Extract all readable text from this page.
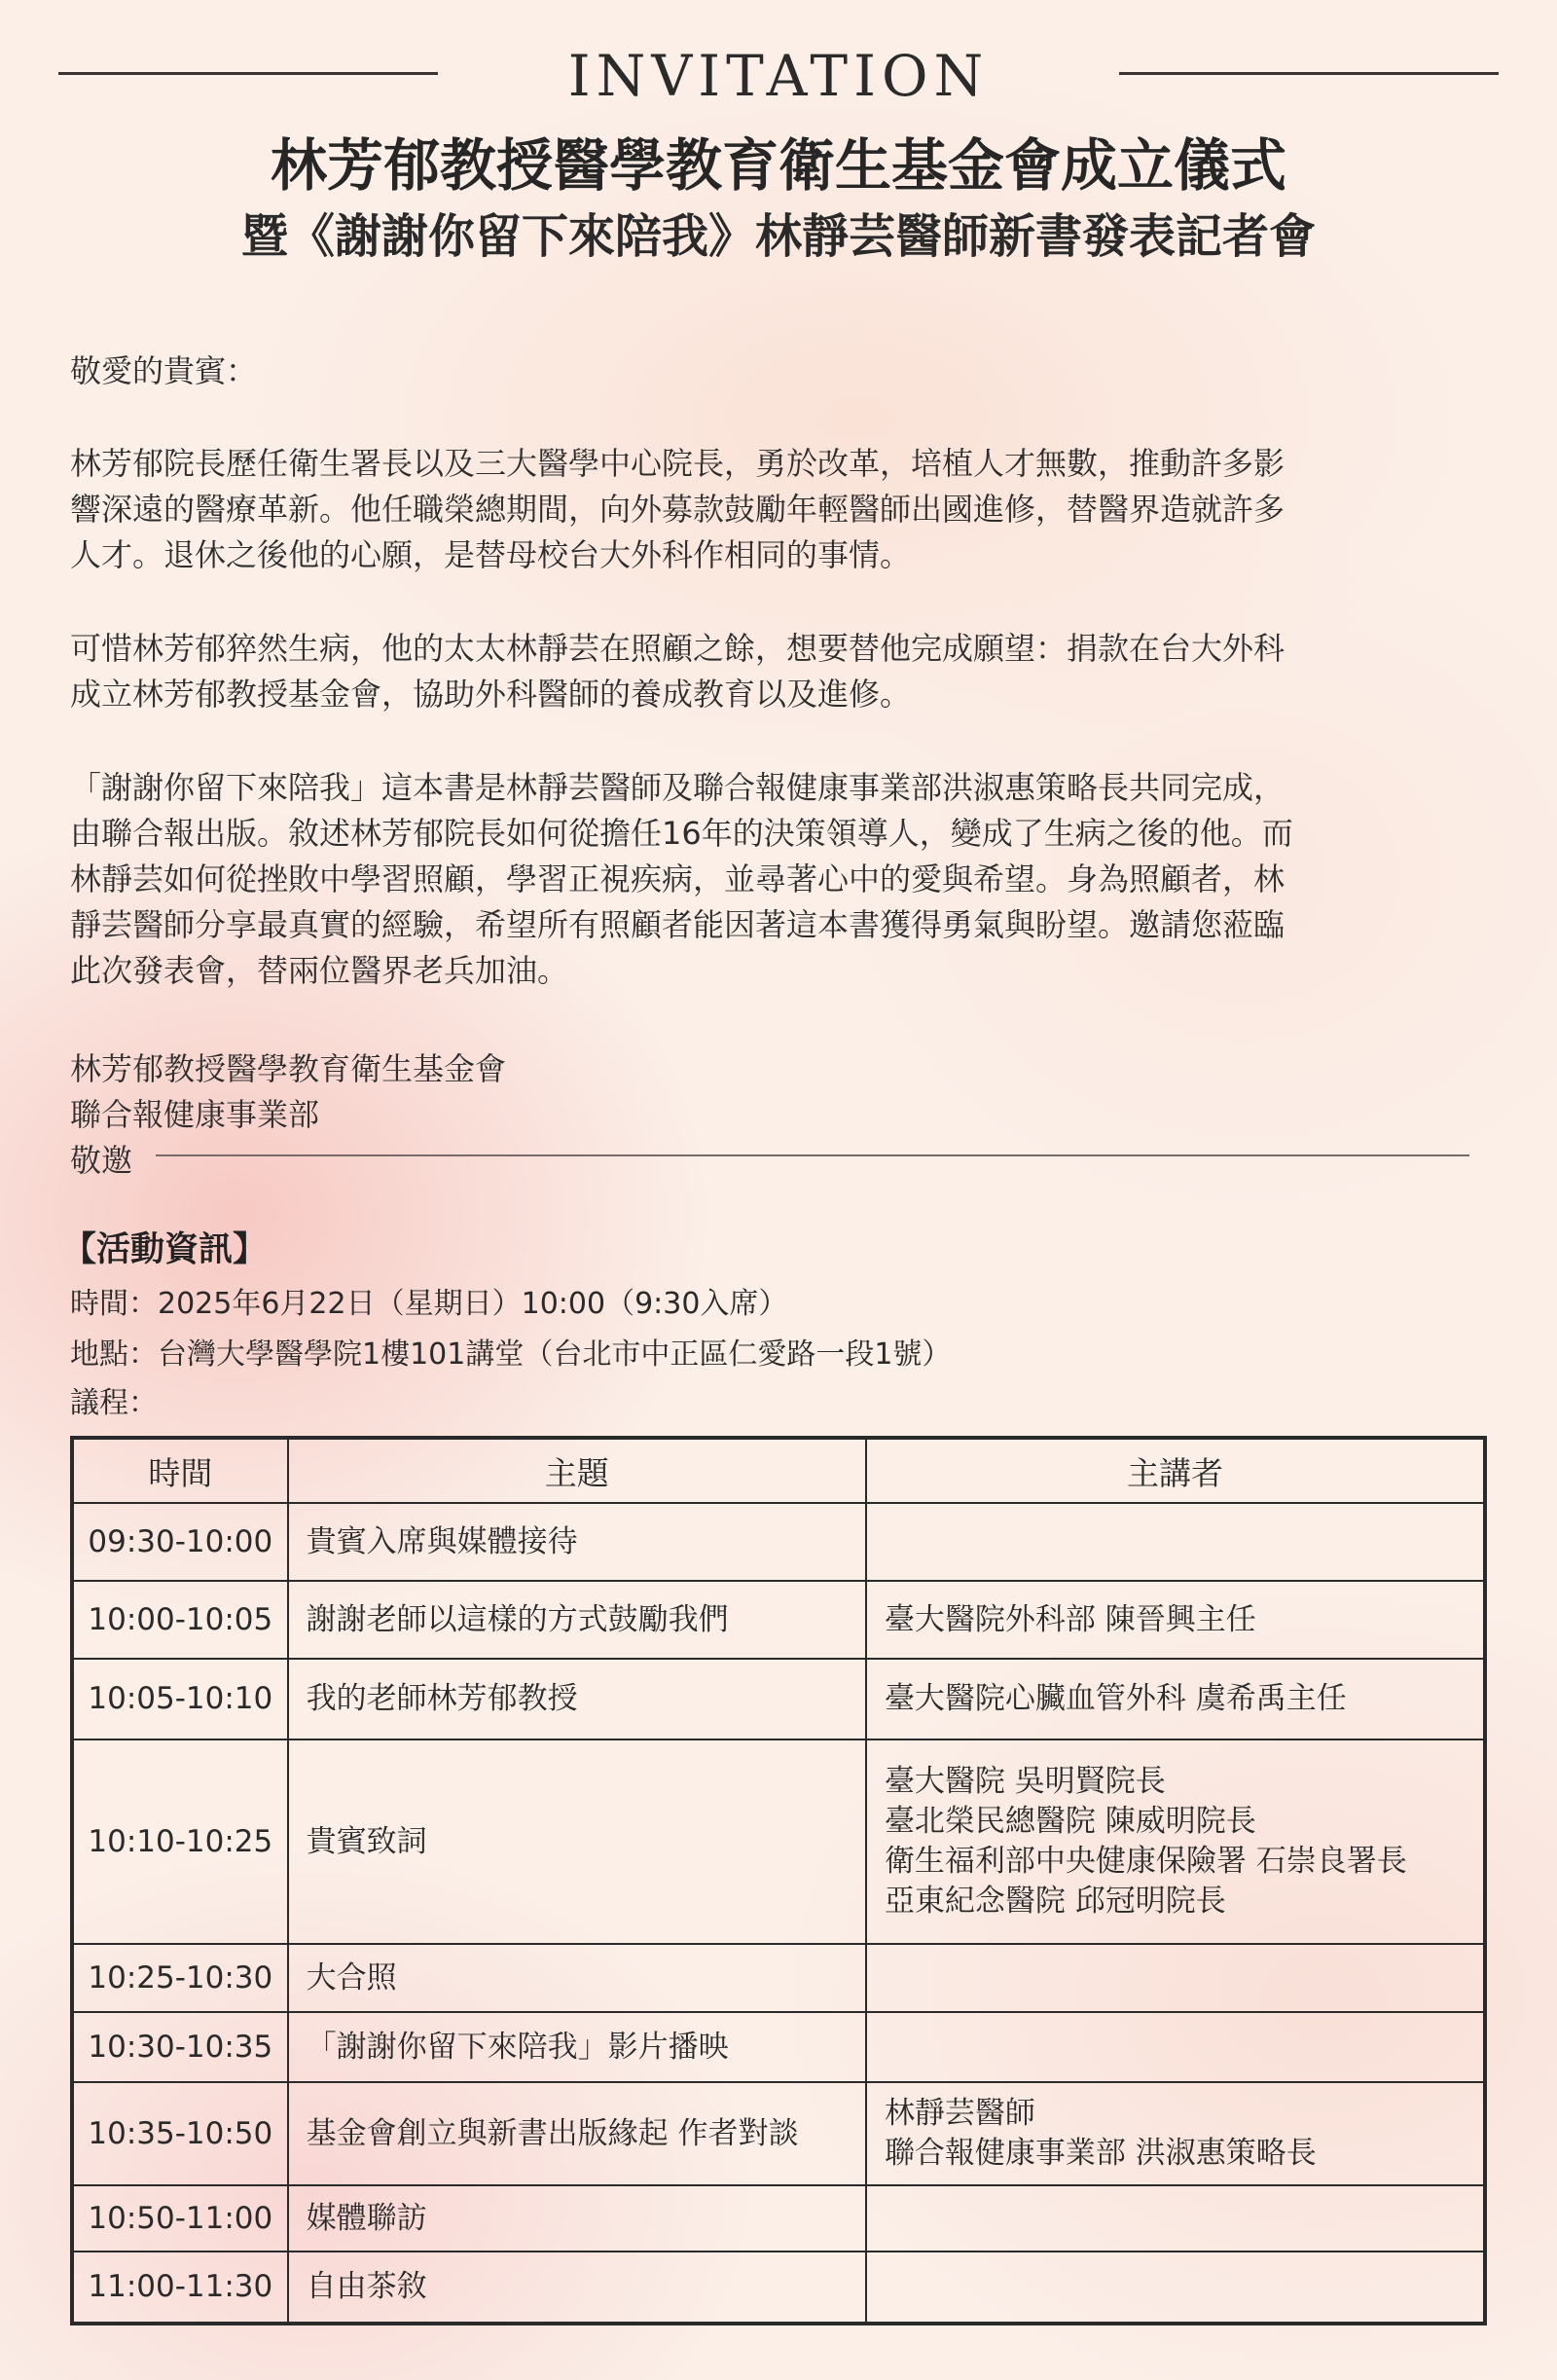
INVITATION
林芳郁教授醫學教育衛生基金會成立儀式
暨《謝謝你留下來陪我》林靜芸醫師新書發表記者會
敬愛的貴賓：

林芳郁院長歷任衛生署長以及三大醫學中心院長，勇於改革，培植人才無數，推動許多影

響深遠的醫療革新。他任職榮總期間，向外募款鼓勵年輕醫師出國進修，替醫界造就許多

人才。退休之後他的心願，是替母校台大外科作相同的事情。

可惜林芳郁猝然生病，他的太太林靜芸在照顧之餘，想要替他完成願望：捐款在台大外科

成立林芳郁教授基金會，協助外科醫師的養成教育以及進修。

「謝謝你留下來陪我」這本書是林靜芸醫師及聯合報健康事業部洪淑惠策略長共同完成，

由聯合報出版。敘述林芳郁院長如何從擔任16年的決策領導人，變成了生病之後的他。而

林靜芸如何從挫敗中學習照顧，學習正視疾病，並尋著心中的愛與希望。身為照顧者，林

靜芸醫師分享最真實的經驗，希望所有照顧者能因著這本書獲得勇氣與盼望。邀請您蒞臨

此次發表會，替兩位醫界老兵加油。

林芳郁教授醫學教育衛生基金會

聯合報健康事業部

敬邀

【活動資訊】
時間：2025年6月22日（星期日）10:00（9:30入席）
地點：台灣大學醫學院1樓101講堂（台北市中正區仁愛路一段1號）
議程：
時間	主題	主講者
09:30-10:00	貴賓入席與媒體接待	
10:00-10:05	謝謝老師以這樣的方式鼓勵我們	臺大醫院外科部 陳晉興主任

10:05-10:10	我的老師林芳郁教授	臺大醫院心臟血管外科 虞希禹主任

10:10-10:25	貴賓致詞	臺大醫院 吳明賢院長
臺北榮民總醫院 陳威明院長
衛生福利部中央健康保險署 石崇良署長
亞東紀念醫院 邱冠明院長

10:25-10:30	大合照	
10:30-10:35	「謝謝你留下來陪我」影片播映	
10:35-10:50	基金會創立與新書出版緣起 作者對談	林靜芸醫師
聯合報健康事業部 洪淑惠策略長

10:50-11:00	媒體聯訪	
11:00-11:30	自由茶敘	
